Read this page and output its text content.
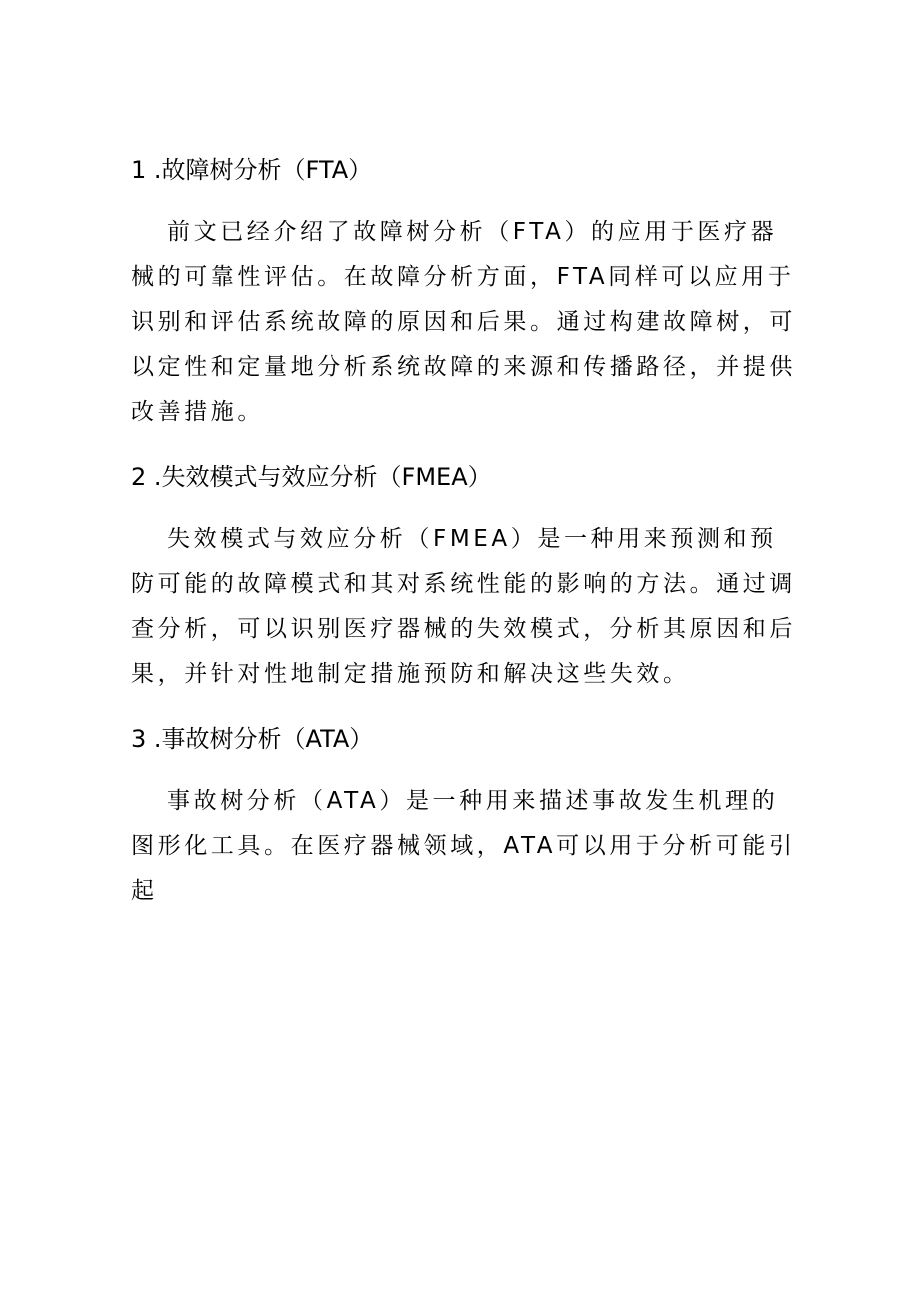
1 .故障树分析（FTA）

前文已经介绍了故障树分析（FTA）的应用于医疗器械的可靠性评估。在故障分析方面，FTA同样可以应用于识别和评估系统故障的原因和后果。通过构建故障树，可以定性和定量地分析系统故障的来源和传播路径，并提供改善措施。

2 .失效模式与效应分析（FMEA）

失效模式与效应分析（FMEA）是一种用来预测和预防可能的故障模式和其对系统性能的影响的方法。通过调查分析，可以识别医疗器械的失效模式，分析其原因和后果，并针对性地制定措施预防和解决这些失效。

3 .事故树分析（ATA）

事故树分析（ATA）是一种用来描述事故发生机理的图形化工具。在医疗器械领域，ATA可以用于分析可能引起
